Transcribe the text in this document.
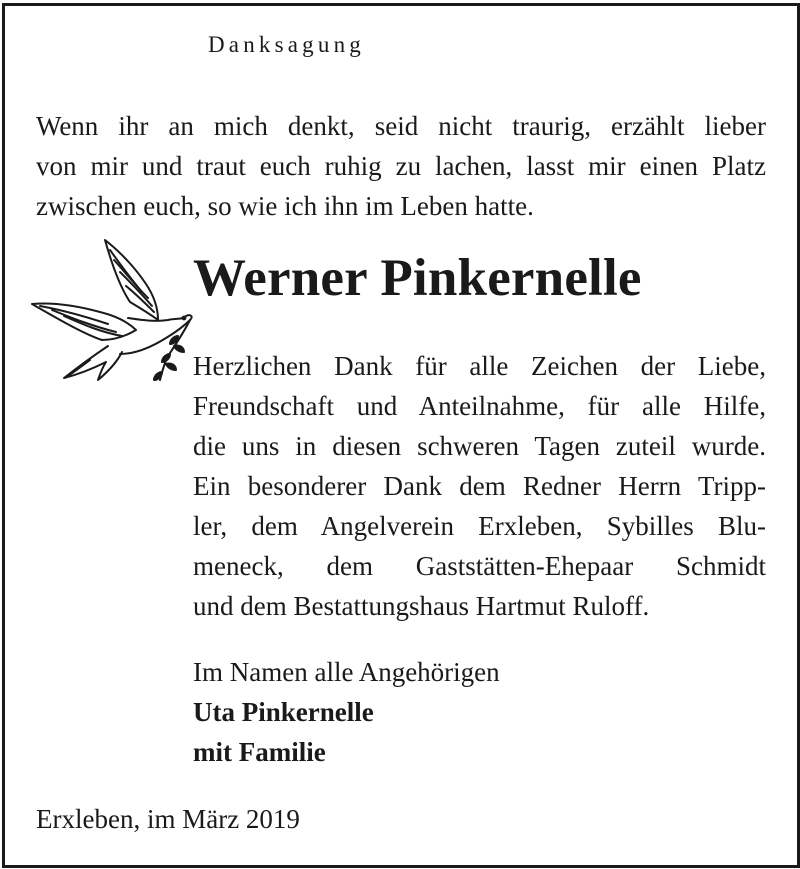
Danksagung
Wenn ihr an mich denkt, seid nicht traurig, erzählt lieber
von mir und traut euch ruhig zu lachen, lasst mir einen Platz
zwischen euch, so wie ich ihn im Leben hatte.
Werner Pinkernelle
Herzlichen Dank für alle Zeichen der Liebe,
Freundschaft und Anteilnahme, für alle Hilfe,
die uns in diesen schweren Tagen zuteil wurde.
Ein besonderer Dank dem Redner Herrn Tripp-
ler, dem Angelverein Erxleben, Sybilles Blu-
meneck, dem Gaststätten-Ehepaar Schmidt
und dem Bestattungshaus Hartmut Ruloff.
Im Namen alle Angehörigen
Uta Pinkernelle
mit Familie
Erxleben, im März 2019
